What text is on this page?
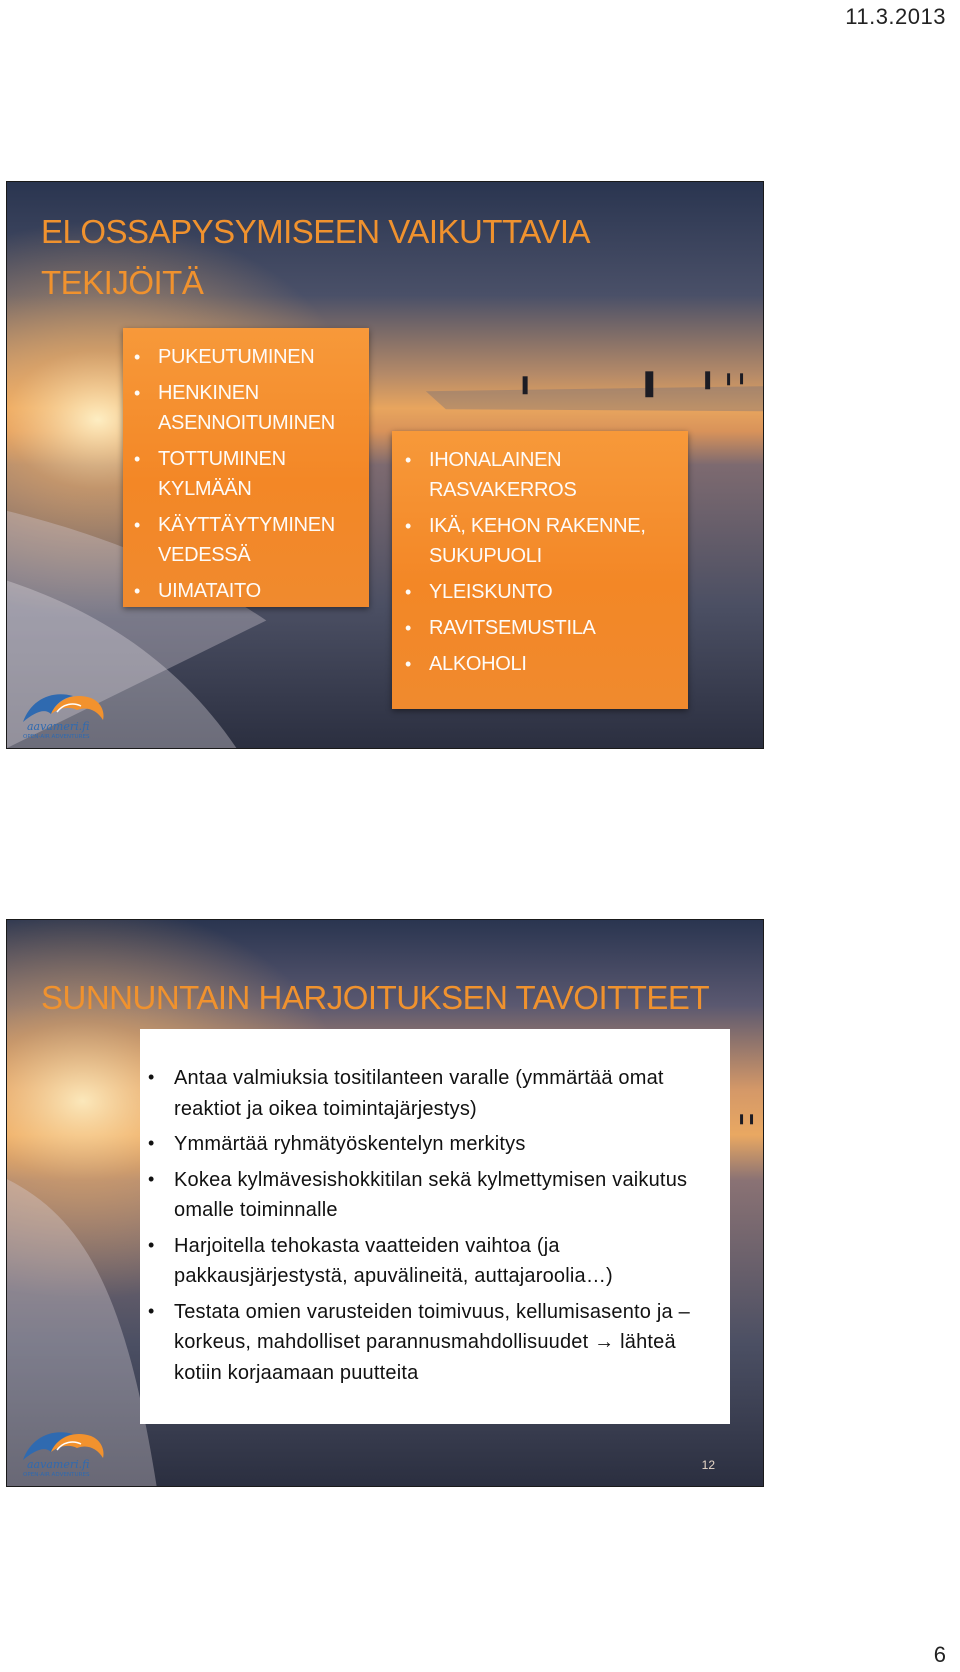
11.3.2013
ELOSSAPYSYMISEEN VAIKUTTAVIA TEKIJÖITÄ
• PUKEUTUMINEN
• HENKINEN ASENNOITUMINEN
• TOTTUMINEN KYLMÄÄN
• KÄYTTÄYTYMINEN VEDESSÄ
• UIMATAITO
• IHONALAINEN RASVAKERROS
• IKÄ, KEHON RAKENNE, SUKUPUOLI
• YLEISKUNTO
• RAVITSEMUSTILA
• ALKOHOLI
aavameri.fi
OPEN-AIR ADVENTURES
SUNNUNTAIN HARJOITUKSEN TAVOITTEET
• Antaa valmiuksia tositilanteen varalle (ymmärtää omat reaktiot ja oikea toimintajärjestys)
• Ymmärtää ryhmätyöskentelyn merkitys
• Kokea kylmävesishokkitilan sekä kylmettymisen vaikutus omalle toiminnalle
• Harjoitella tehokasta vaatteiden vaihtoa (ja pakkausjärjestystä, apuvälineitä, auttajaroolia…)
• Testata omien varusteiden toimivuus, kellumisasento ja –korkeus, mahdolliset parannusmahdollisuudet → lähteä kotiin korjaamaan puutteita
12
aavameri.fi
OPEN-AIR ADVENTURES
6
